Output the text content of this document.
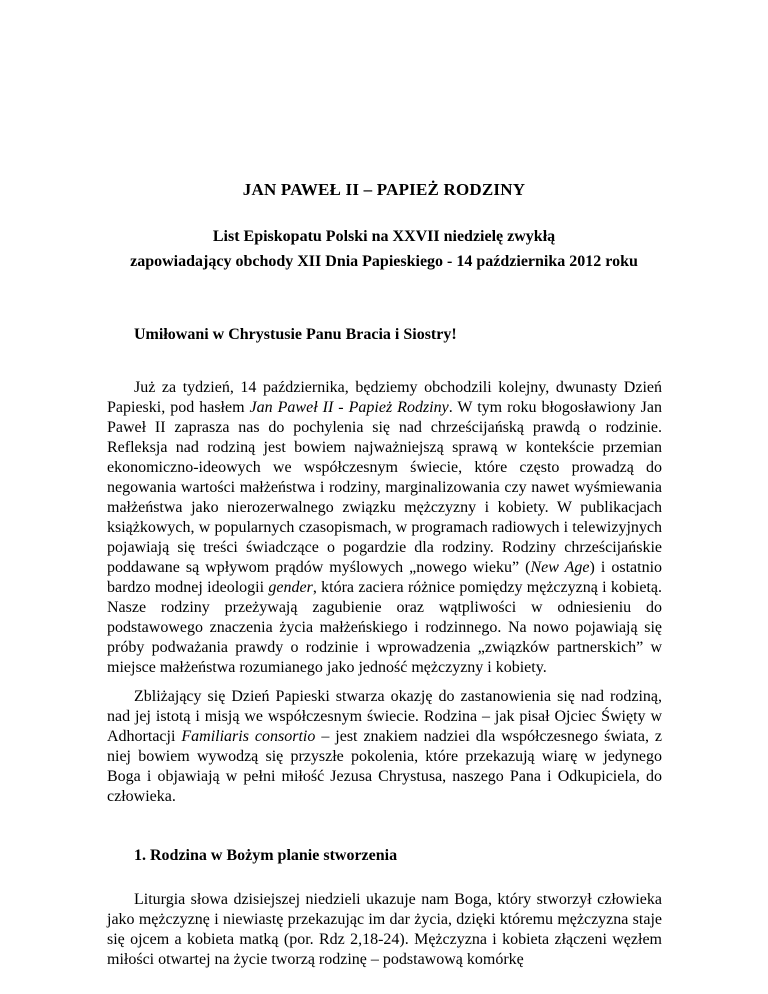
JAN PAWEŁ II – PAPIEŻ RODZINY
List Episkopatu Polski na XXVII niedzielę zwykłą
zapowiadający obchody XII Dnia Papieskiego - 14 października 2012 roku
Umiłowani w Chrystusie Panu Bracia i Siostry!

Już za tydzień, 14 października, będziemy obchodzili kolejny, dwunasty Dzień Papieski, pod hasłem Jan Paweł II - Papież Rodziny. W tym roku błogosławiony Jan Paweł II zaprasza nas do pochylenia się nad chrześcijańską prawdą o rodzinie. Refleksja nad rodziną jest bowiem najważniejszą sprawą w kontekście przemian ekonomiczno-ideowych we współczesnym świecie, które często prowadzą do negowania wartości małżeństwa i rodziny, marginalizowania czy nawet wyśmiewania małżeństwa jako nierozerwalnego związku mężczyzny i kobiety. W publikacjach książkowych, w popularnych czasopismach, w programach radiowych i telewizyjnych pojawiają się treści świadczące o pogardzie dla rodziny. Rodziny chrześcijańskie poddawane są wpływom prądów myślowych „nowego wieku” (New Age) i ostatnio bardzo modnej ideologii gender, która zaciera różnice pomiędzy mężczyzną i kobietą. Nasze rodziny przeżywają zagubienie oraz wątpliwości w odniesieniu do podstawowego znaczenia życia małżeńskiego i rodzinnego. Na nowo pojawiają się próby podważania prawdy o rodzinie i wprowadzenia „związków partnerskich” w miejsce małżeństwa rozumianego jako jedność mężczyzny i kobiety.

Zbliżający się Dzień Papieski stwarza okazję do zastanowienia się nad rodziną, nad jej istotą i misją we współczesnym świecie. Rodzina – jak pisał Ojciec Święty w Adhortacji Familiaris consortio – jest znakiem nadziei dla współczesnego świata, z niej bowiem wywodzą się przyszłe pokolenia, które przekazują wiarę w jedynego Boga i objawiają w pełni miłość Jezusa Chrystusa, naszego Pana i Odkupiciela, do człowieka.

1. Rodzina w Bożym planie stworzenia

Liturgia słowa dzisiejszej niedzieli ukazuje nam Boga, który stworzył człowieka jako mężczyznę i niewiastę przekazując im dar życia, dzięki któremu mężczyzna staje się ojcem a kobieta matką (por. Rdz 2,18-24). Mężczyzna i kobieta złączeni węzłem miłości otwartej na życie tworzą rodzinę – podstawową komórkę
